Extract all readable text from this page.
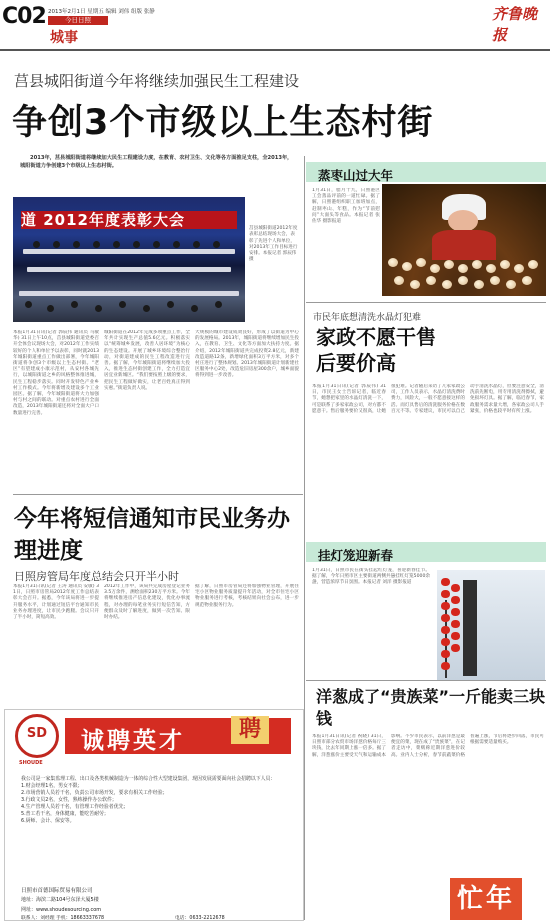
C02 2013年2月1日 星期五 编辑 刘伟 组版 张静
今日日照
城事
齐鲁晚报
莒县城阳街道今年将继续加强民生工程建设
争创3个市级以上生态村街
2013年，莒县城阳街道将继续加大民生工程建设力度，在教育、农村卫生、文化等各方面推足支柱，全2013年，城阳街道力争创建3个市级以上生态村街。
道 2012年度表彰大会	莒县城阳街道2012年度表彰总结现场大会，表彰了先进个人和单位，对2013年工作目标进行安排。本报记者 郭辰伟 摄
本报1月31日讯(记者 郭辰伟 通讯员 马敏华) 31日上午10点，莒县城阳街道党委召开全体会议现场大会，对2012年工作实绩较好的个人和单位予以表彰，同时就2013年城阳街道重点工作做出部署，今年城阳街道将争创3个市级以上生态村街。“老区”有望建成小康示范村，从安村各城先行，以城阳街道之乡的风格整体推进城，民生工程稳步落实。同时开发特色产业乡村工作模式。今年将新增及建设多个工业园区。据了解，今年城阳街道将大力加强村与村之间的联动。对重点农村进行全面改造，2013年城阳街道还将对全面大户口数量进行完善。
城阳街道在2012年完成多项重点工作，全年共计实现生产总值5.6亿元。积极落实以“统筹城乡发展，改善人居环境”为核心的生态建设。开展了城乡环境综合整治行动，对街道建成的民生工程改造进行完善。据了解，今年城阳街道将继续加大投入，推进生态村街创建工作，全力打造宜居宜业新城区。“我们要按照上级的要求，把民生工程做好做实，让老百姓真正得到实惠。”街道负责人说。
大规模的城市建设成效良好，形成了以街道为中心的发展格局。2013年，城阳街道将继续增加民生投入，在教育、卫生、文化等方面加大扶持力度。据介绍，2012年城阳街道共完成投资2.8亿元，新建改造道路12条，新增绿化面积3万平方米，对多个村庄进行了整体规划。2013年城阳街道计划新建社区服务中心2处，改造危旧房屋300余户，城乡面貌将得到进一步改善。
今年将短信通知市民业务办理进度
日照房管局年度总结会只开半小时
本报1月31日讯(记者 王涛 通讯员 安敏) 31日，日照市房管局2012年度工作总结表彰大会召开。据悉，今年该局将进一步提升服务水平，计划通过短信平台通知市民业务办理进度，让市民少跑腿。会议只开了半小时，简短高效。
2012年工作中，该局共完成房屋登记业务3.5万余件，测绘面积230万平方米。今年将继续推进房产信息化建设，优化办事流程，对办理的每笔业务实行短信告知，方便群众及时了解进度，做到一次告知、限时办结。
据了解，日照市房管局还将加强物业管理，开展住宅小区物业服务质量提升年活动，对全市住宅小区物业服务进行考核，考核结果向社会公布，进一步规范物业服务行为。
SD
SHOUDE
诚聘英才	聘

我公司是一家集监理工程、出口及各类机械制造为一体的综合性大型建设集团，现因发展需要面向社会招聘以下人员：

1.财会经理1名，男女不限；

2.市场营销人员若干名，负责公司市场开发，要求有相关工作经验；

3.行政文员2名，女性，熟练操作办公软件；

4.生产管理人员若干名，有管理工作经验者优先；

5.普工若干名，身体健康，能吃苦耐劳；

6.厨师、会计、保安等。

日照市首德国际贸易有限公司
地址：海滨二路104号东泽大厦5楼
网址：www.shoudesourcing.com
联系人：刘经理 手机：18663337678	电话：0633-2212678
蒸枣山过大年
1月31日，腊月十九，日照港区工会蒸品评前的一道忙碌。据了解，日照港组织职工加班加点，赶制枣山、年糕，作为“节前慰问”大面头等食品。本报记者 张佐华 摄影报道
市民年底想清洗水晶灯犯难
家政不愿干售后要价高
本报1月31日讯(记者 郭辰伟) 31日，市民王女士告诉记者，临近春节，她想把家里的水晶灯清洗一下，可是联系了多家家政公司，对方都不愿意干。售后服务要价又很高，让她很犯难。记者随后采访了几家家政公司，工作人员表示，水晶灯清洗费时费力，风险大，一般不愿意接这样的活。而灯具售后的清洗服务价格在数百元不等。专家建议，市民可以自己动手清洗水晶灯，但要注意安全，清洗前先断电，用专用清洗剂擦拭，避免损坏灯具。据了解，临近春节，家政服务需求量大增，各家政公司人手紧张，价格也较平时有所上涨。
挂灯笼迎新春
1月31日，日照市民在街头挂起红灯笼，喜迎新春佳节。据了解，今年日照市区主要街道两侧共悬挂红灯笼5000余盏，营造浓厚节日氛围。本报记者 刘洋 摄影报道
洋葱成了“贵族菜”一斤能卖三块钱
本报1月31日讯(记者 祝晓) 31日，日照市部分农贸市场洋葱价格每斤三块钱，比去年同期上涨一倍多。据了解，洋葱涨价主要受天气和运输成本影响。不少市民表示，以前洋葱是最便宜的菜，现在成了“贵族菜”，在记者走访中，菜贩称近期洋葱进价较高。业内人士分析，春节前蔬菜价格普遍上涨，节后将逐步回落，市民可根据需要适量购买。
忙年
